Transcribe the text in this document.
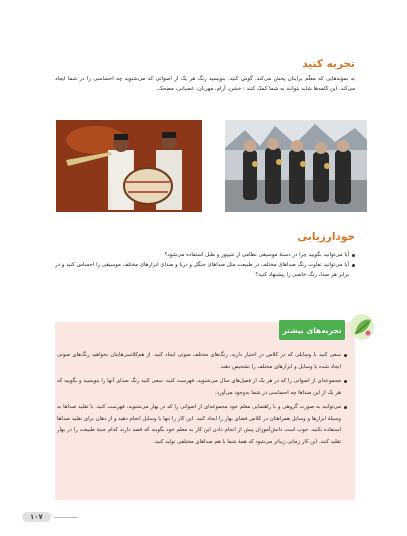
تجربه کنید

به نمونه‌هایی که معلّم برایتان پخش می‌کند، گوش کنید. بنویسید رنگ هر یک از اصواتی که می‌شنوید چه احساسی را در شما ایجاد می‌کند. این کلمه‌ها شاید بتوانند به شما کمک کنند : خشن، آرام، مهربان، عصبانی، مضحک.

خودارزیابی
آیا می‌توانید بگویید چرا در دستهٔ موسیقی نظامی از شیپور و طبل استفاده می‌شود؟
آیا می‌توانید تفاوت رنگ صداهای مختلف در طبیعت مثل صداهای جنگل و دریا و صدای ابزارهای مختلف موسیقی را احساس کنید و در برابر هر صدا، رنگ خاصی را پیشنهاد کنید؟
تجربه‌های بیشتر
سعی کنید با وسایلی که در کلاس در اختیار دارید، رنگ‌های مختلف صوتی ایجاد کنید. از هم‌کلاسی‌هایتان بخواهید رنگ‌های صوتی ایجاد شده با وسایل و ابزارهای مختلف را تشخیص دهند.
مجموعه‌ای از اصواتی را که در هر یک از فصل‌های سال می‌شنوید، فهرست کنید. سعی کنید رنگ صدای آنها را بنویسید و بگویید که هر یک از این صداها چه احساسی در شما به‌وجود می‌آورد.
می‌توانید به صورت گروهی و با راهنمایی معلم خود مجموعه‌ای از اصواتی را که در بهار می‌شنوید، فهرست کنید. با تقلید صداها به وسیلهٔ ابزارها و وسایل همراهتان در کلاس فضای بهار را ایجاد کنید. این کار را تنها با وسایل انجام دهید و از دهان برای تقلید صداها استفاده نکنید. خوب است دانش‌آموزان پیش از انجام دادن این کار به معلم خود بگویند که قصد دارند کدام جنبهٔ طبیعت را در بهار تقلید کنند. این کار زمانی زیباتر می‌شود که همهٔ شما با هم صداهای مختلفی تولید کنید.
۱۰۷
